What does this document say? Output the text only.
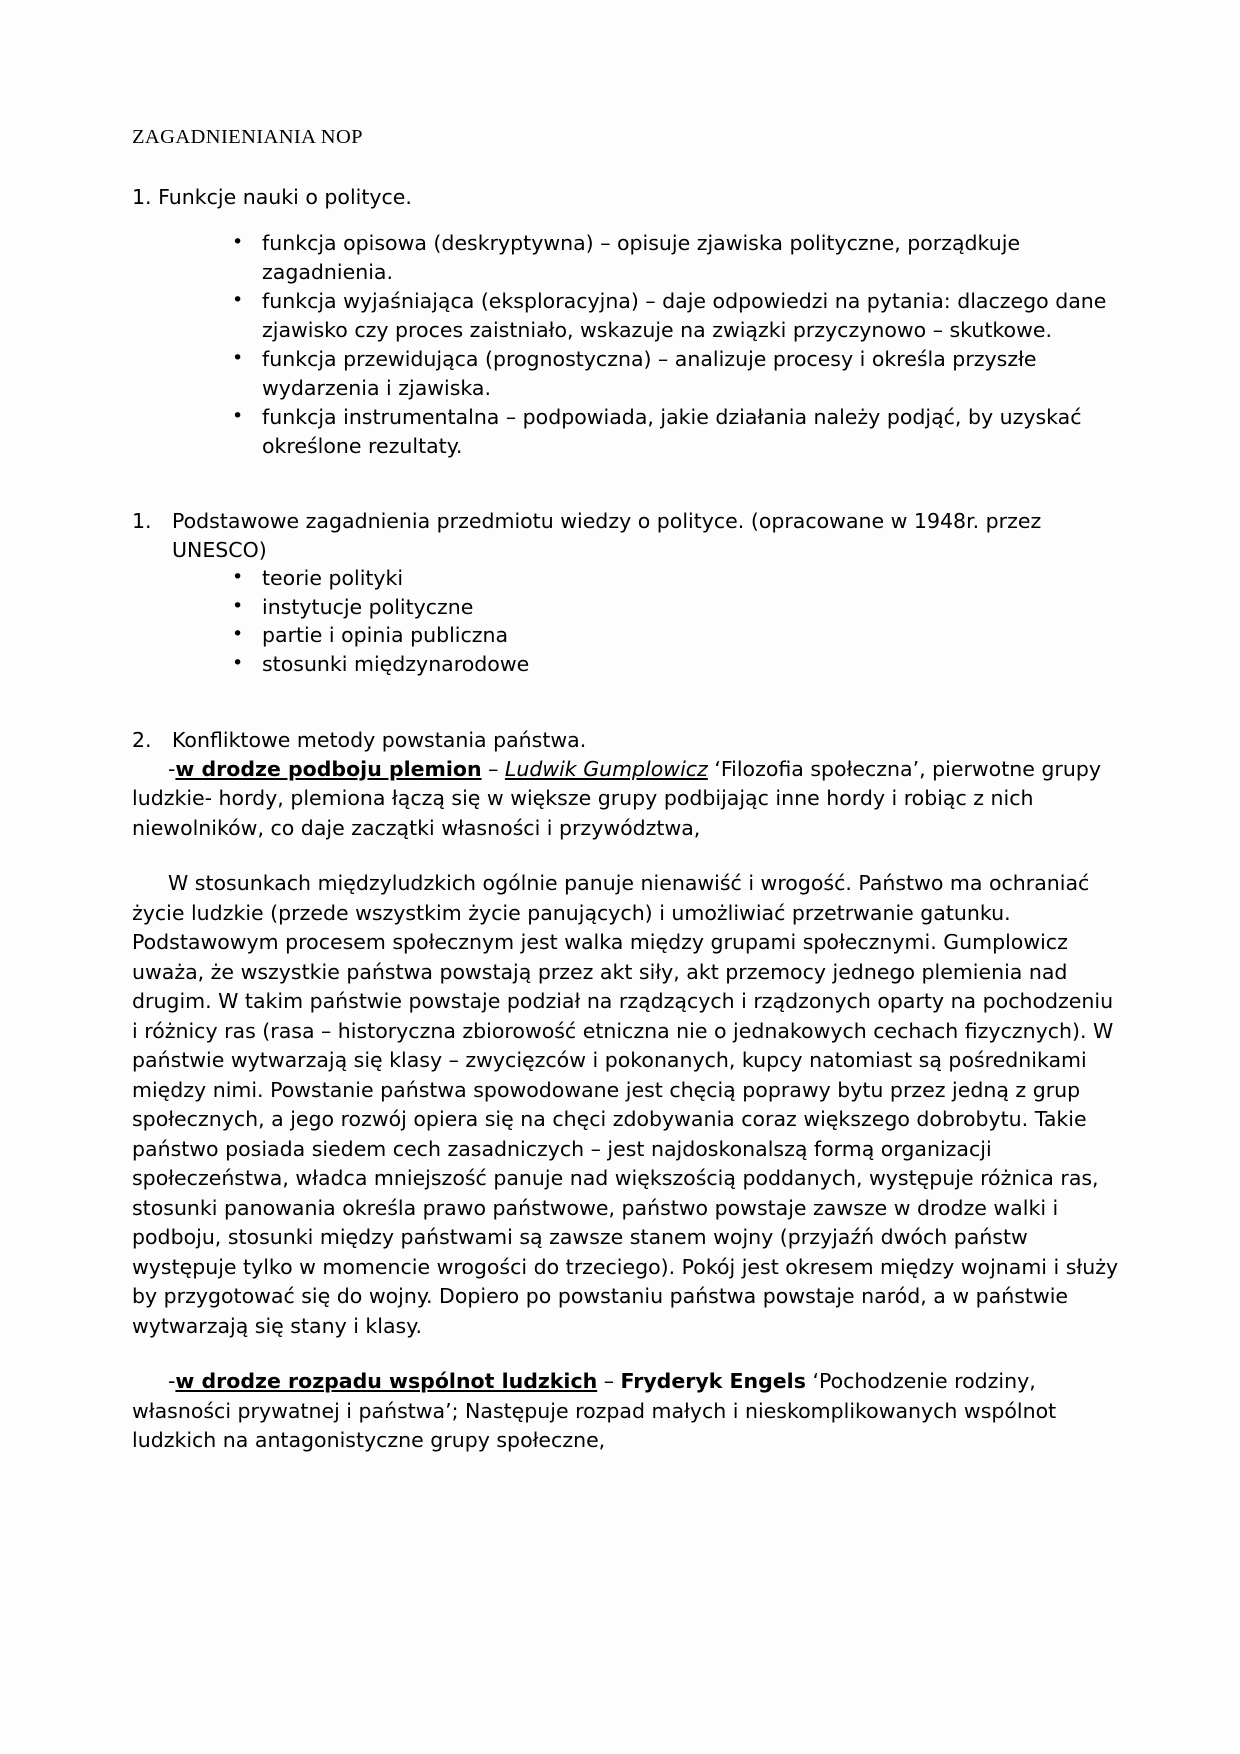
ZAGADNIENIANIA NOP

1. Funkcje nauki o polityce.

• funkcja opisowa (deskryptywna) – opisuje zjawiska polityczne, porządkuje zagadnienia.
• funkcja wyjaśniająca (eksploracyjna) – daje odpowiedzi na pytania: dlaczego dane zjawisko czy proces zaistniało, wskazuje na związki przyczynowo – skutkowe.
• funkcja przewidująca (prognostyczna) – analizuje procesy i określa przyszłe wydarzenia i zjawiska.
• funkcja instrumentalna – podpowiada, jakie działania należy podjąć, by uzyskać określone rezultaty.
1. Podstawowe zagadnienia przedmiotu wiedzy o polityce. (opracowane w 1948r. przez UNESCO)
• teorie polityki
• instytucje polityczne
• partie i opinia publiczna
• stosunki międzynarodowe
2. Konfliktowe metody powstania państwa.

-w drodze podboju plemion – Ludwik Gumplowicz ‘Filozofia społeczna’, pierwotne grupy ludzkie- hordy, plemiona łączą się w większe grupy podbijając inne hordy i robiąc z nich niewolników, co daje zaczątki własności i przywództwa,

W stosunkach międzyludzkich ogólnie panuje nienawiść i wrogość. Państwo ma ochraniać życie ludzkie (przede wszystkim życie panujących) i umożliwiać przetrwanie gatunku. Podstawowym procesem społecznym jest walka między grupami społecznymi. Gumplowicz uważa, że wszystkie państwa powstają przez akt siły, akt przemocy jednego plemienia nad drugim. W takim państwie powstaje podział na rządzących i rządzonych oparty na pochodzeniu i różnicy ras (rasa – historyczna zbiorowość etniczna nie o jednakowych cechach fizycznych). W państwie wytwarzają się klasy – zwycięzców i pokonanych, kupcy natomiast są pośrednikami między nimi. Powstanie państwa spowodowane jest chęcią poprawy bytu przez jedną z grup społecznych, a jego rozwój opiera się na chęci zdobywania coraz większego dobrobytu. Takie państwo posiada siedem cech zasadniczych – jest najdoskonalszą formą organizacji społeczeństwa, władca mniejszość panuje nad większością poddanych, występuje różnica ras, stosunki panowania określa prawo państwowe, państwo powstaje zawsze w drodze walki i podboju, stosunki między państwami są zawsze stanem wojny (przyjaźń dwóch państw występuje tylko w momencie wrogości do trzeciego). Pokój jest okresem między wojnami i służy by przygotować się do wojny. Dopiero po powstaniu państwa powstaje naród, a w państwie wytwarzają się stany i klasy.

-w drodze rozpadu wspólnot ludzkich – Fryderyk Engels ‘Pochodzenie rodziny, własności prywatnej i państwa’; Następuje rozpad małych i nieskomplikowanych wspólnot ludzkich na antagonistyczne grupy społeczne,
